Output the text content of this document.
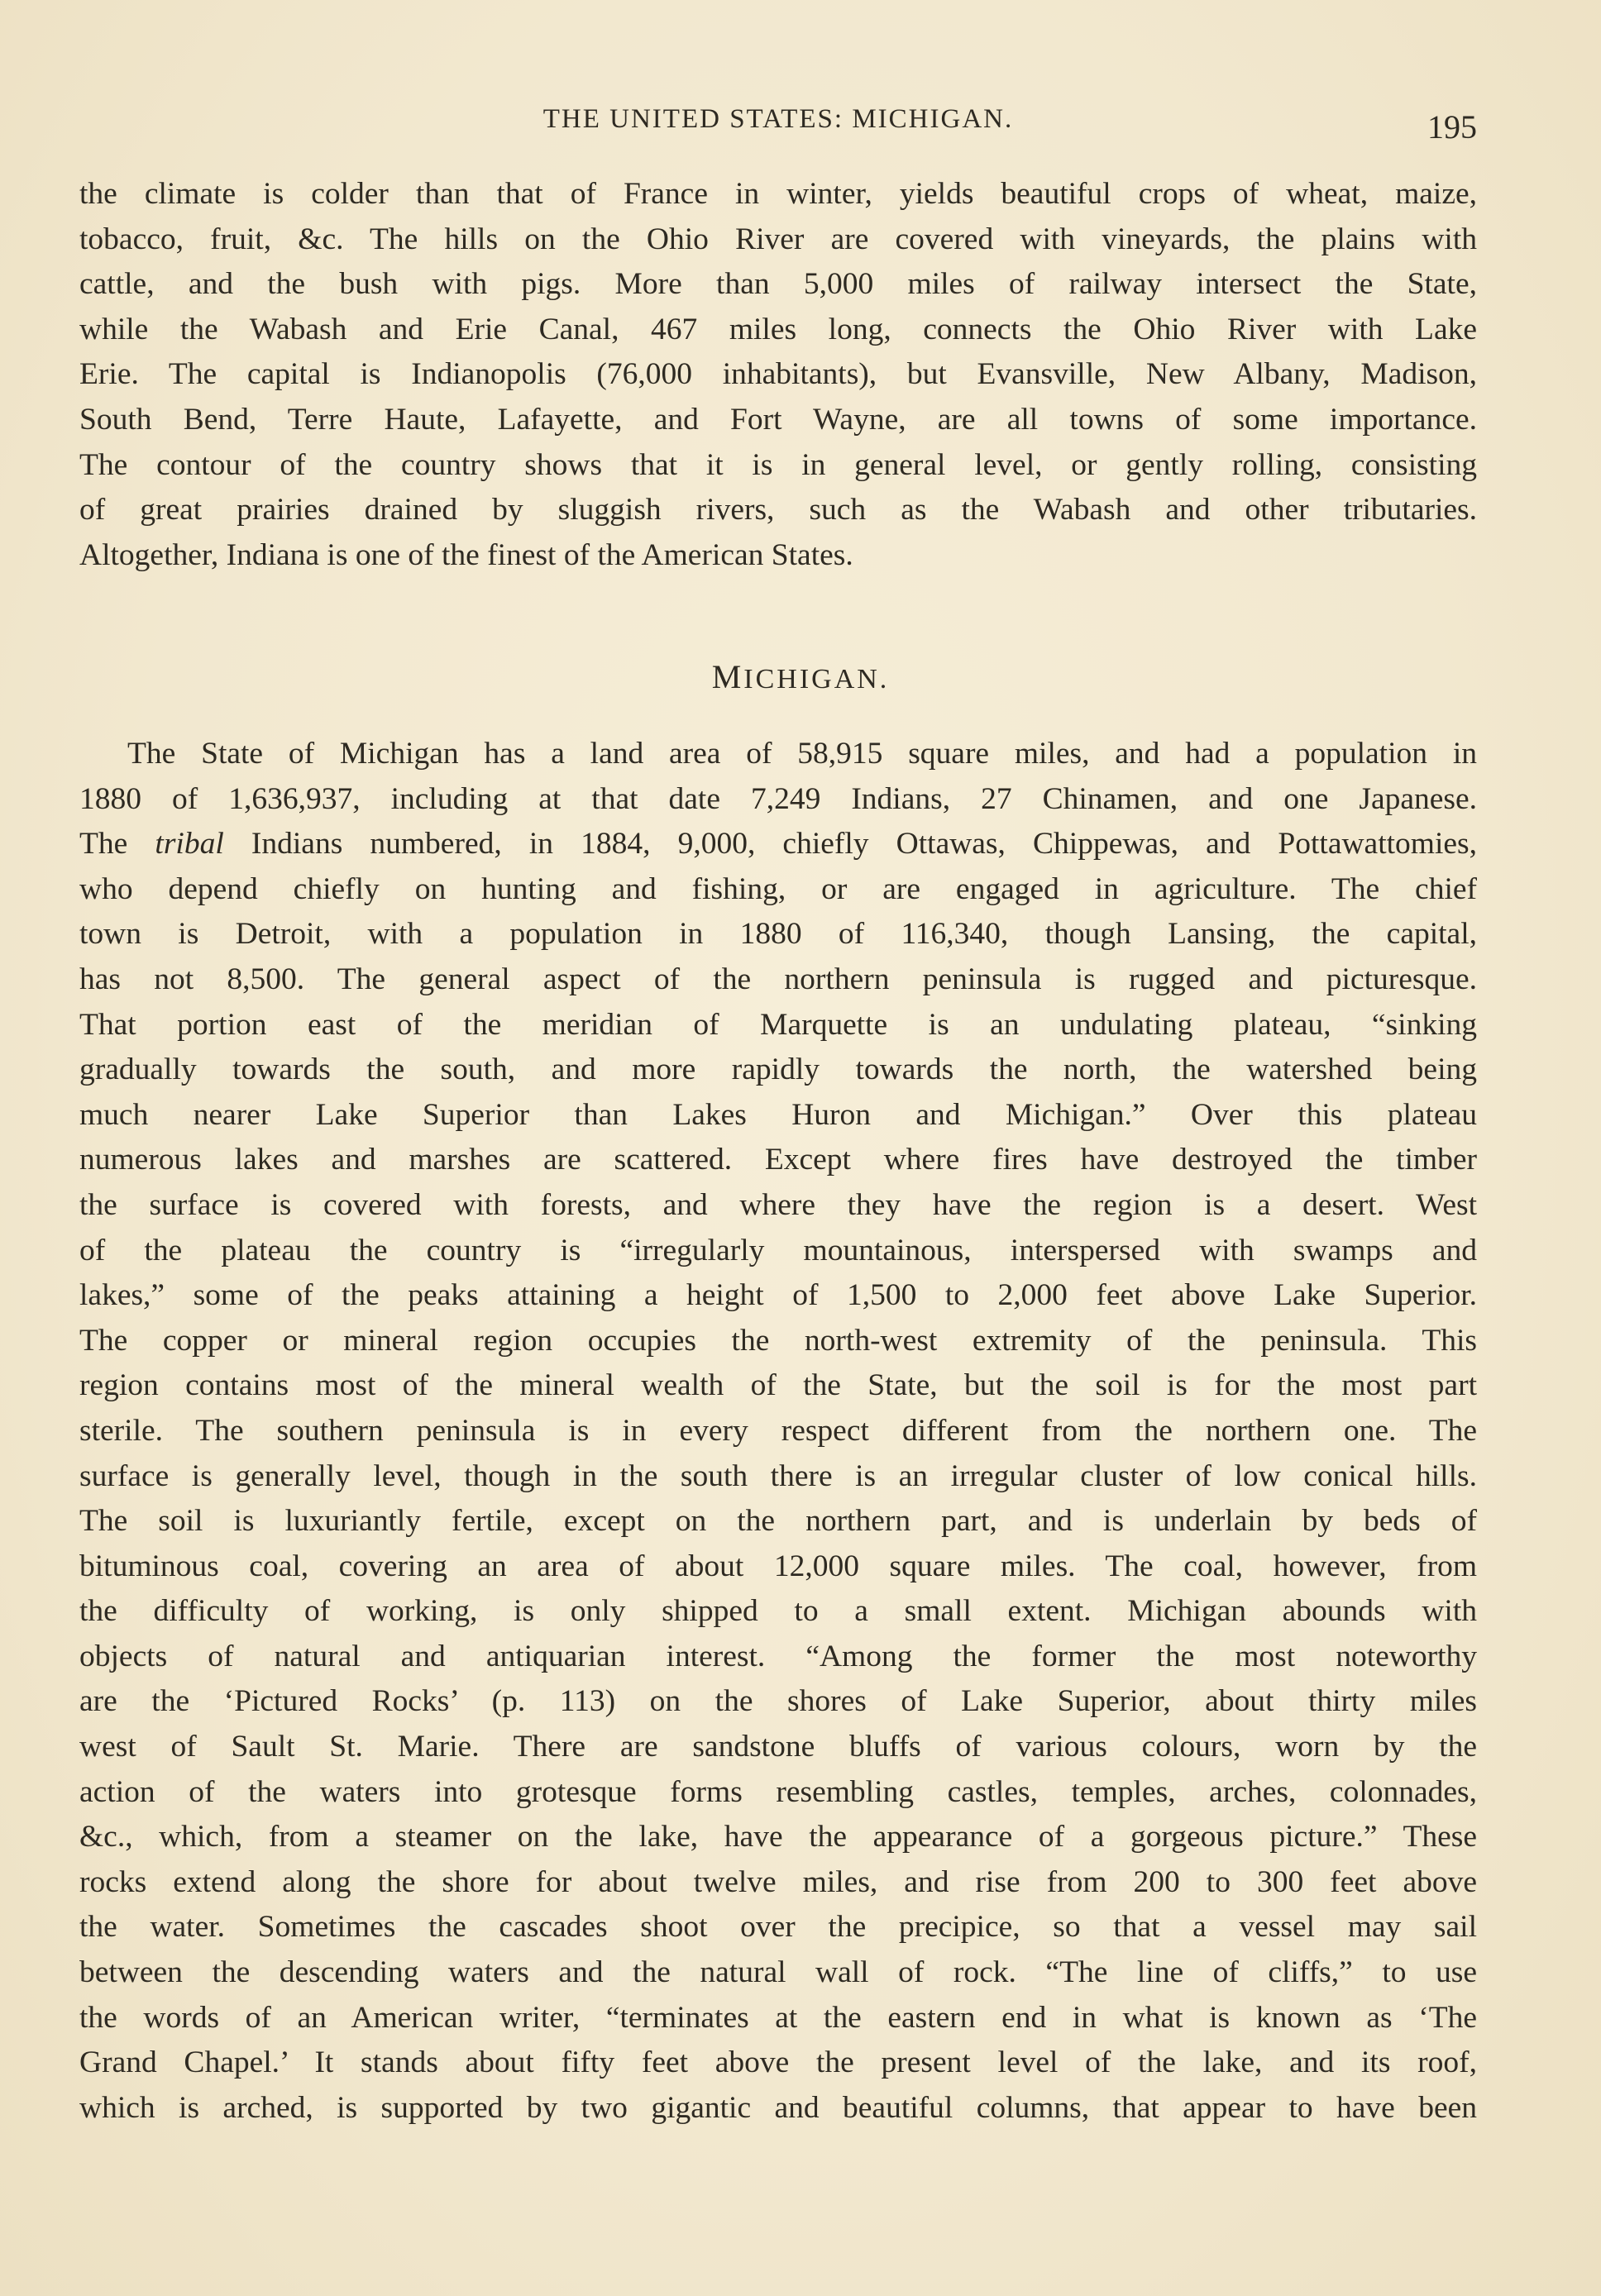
THE UNITED STATES: MICHIGAN.	195
the climate is colder than that of France in winter, yields beautiful crops of wheat, maize,
tobacco, fruit, &c. The hills on the Ohio River are covered with vineyards, the plains with
cattle, and the bush with pigs. More than 5,000 miles of railway intersect the State,
while the Wabash and Erie Canal, 467 miles long, connects the Ohio River with Lake
Erie. The capital is Indianopolis (76,000 inhabitants), but Evansville, New Albany, Madison,
South Bend, Terre Haute, Lafayette, and Fort Wayne, are all towns of some importance.
The contour of the country shows that it is in general level, or gently rolling, consisting
of great prairies drained by sluggish rivers, such as the Wabash and other tributaries.
Altogether, Indiana is one of the finest of the American States.
MICHIGAN.
The State of Michigan has a land area of 58,915 square miles, and had a population in
1880 of 1,636,937, including at that date 7,249 Indians, 27 Chinamen, and one Japanese.
The tribal Indians numbered, in 1884, 9,000, chiefly Ottawas, Chippewas, and Pottawattomies,
who depend chiefly on hunting and fishing, or are engaged in agriculture. The chief
town is Detroit, with a population in 1880 of 116,340, though Lansing, the capital,
has not 8,500. The general aspect of the northern peninsula is rugged and picturesque.
That portion east of the meridian of Marquette is an undulating plateau, “sinking
gradually towards the south, and more rapidly towards the north, the watershed being
much nearer Lake Superior than Lakes Huron and Michigan.” Over this plateau
numerous lakes and marshes are scattered. Except where fires have destroyed the timber
the surface is covered with forests, and where they have the region is a desert. West
of the plateau the country is “irregularly mountainous, interspersed with swamps and
lakes,” some of the peaks attaining a height of 1,500 to 2,000 feet above Lake Superior.
The copper or mineral region occupies the north-west extremity of the peninsula. This
region contains most of the mineral wealth of the State, but the soil is for the most part
sterile. The southern peninsula is in every respect different from the northern one. The
surface is generally level, though in the south there is an irregular cluster of low conical hills.
The soil is luxuriantly fertile, except on the northern part, and is underlain by beds of
bituminous coal, covering an area of about 12,000 square miles. The coal, however, from
the difficulty of working, is only shipped to a small extent. Michigan abounds with
objects of natural and antiquarian interest. “Among the former the most noteworthy
are the ‘Pictured Rocks’ (p. 113) on the shores of Lake Superior, about thirty miles
west of Sault St. Marie. There are sandstone bluffs of various colours, worn by the
action of the waters into grotesque forms resembling castles, temples, arches, colonnades,
&c., which, from a steamer on the lake, have the appearance of a gorgeous picture.” These
rocks extend along the shore for about twelve miles, and rise from 200 to 300 feet above
the water. Sometimes the cascades shoot over the precipice, so that a vessel may sail
between the descending waters and the natural wall of rock. “The line of cliffs,” to use
the words of an American writer, “terminates at the eastern end in what is known as ‘The
Grand Chapel.’ It stands about fifty feet above the present level of the lake, and its roof,
which is arched, is supported by two gigantic and beautiful columns, that appear to have been
